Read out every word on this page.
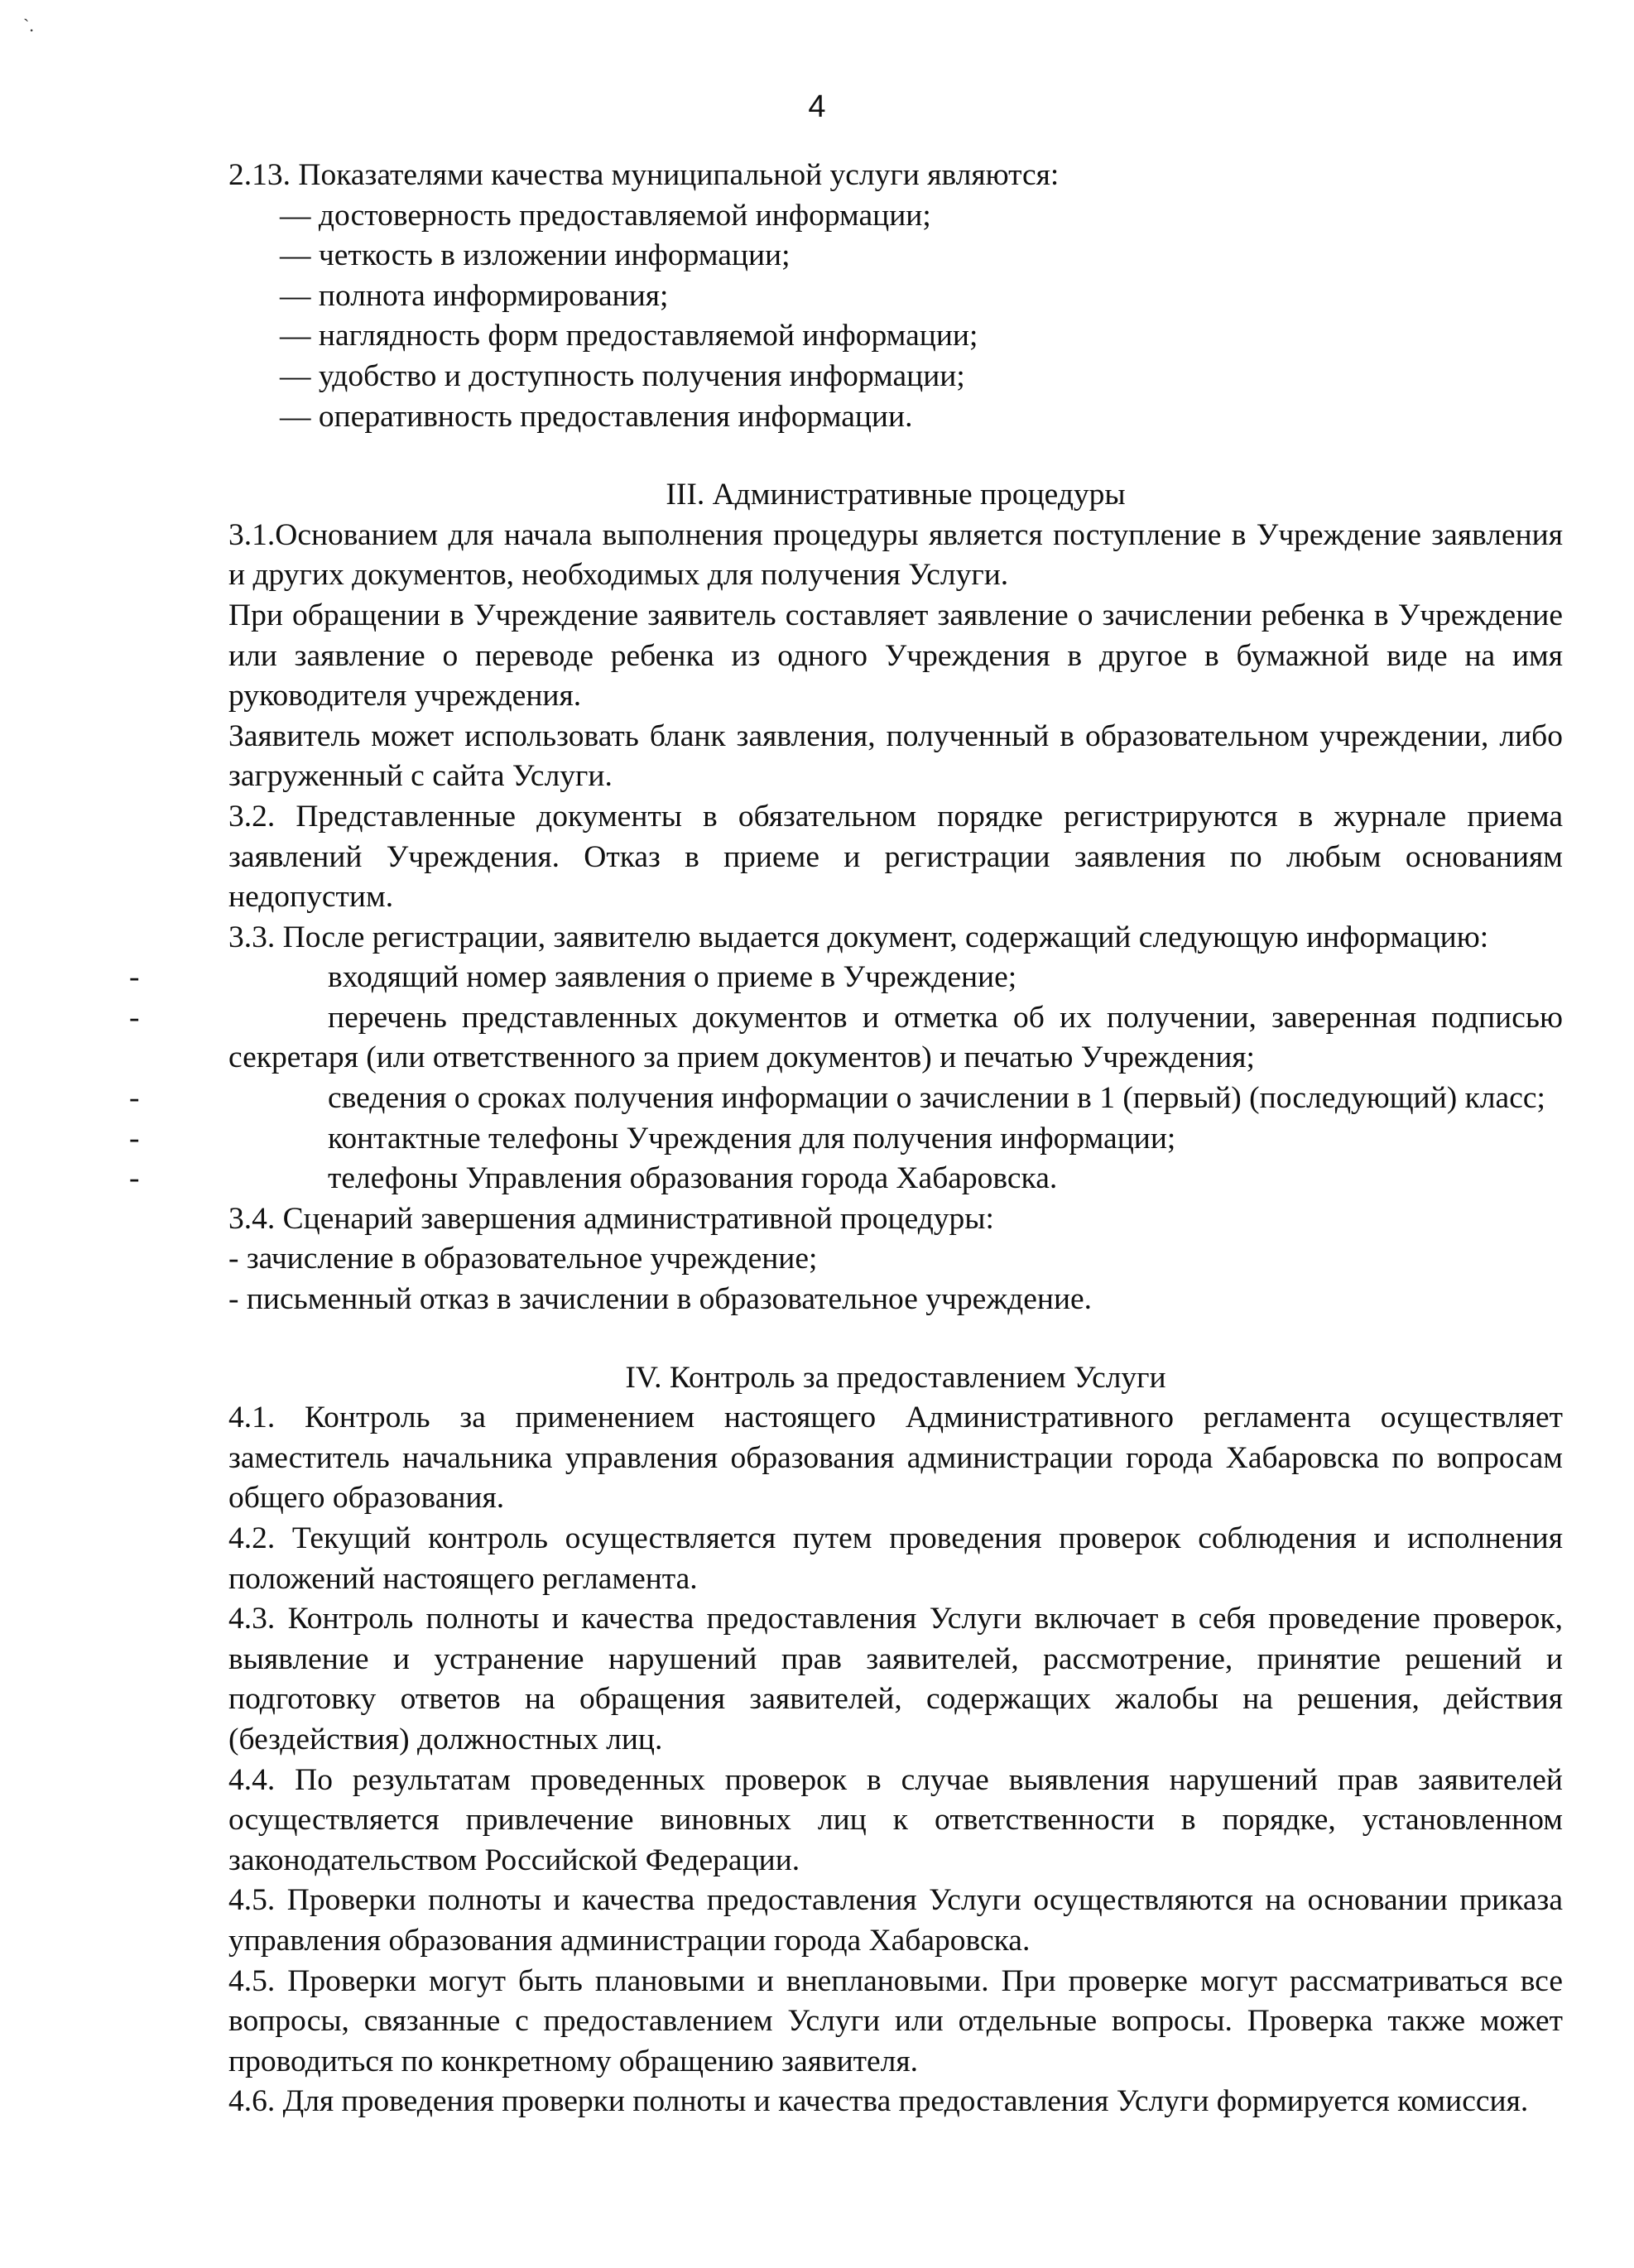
`.
4

2.13. Показателями качества муниципальной услуги являются:

— достоверность предоставляемой информации;

— четкость в изложении информации;

— полнота информирования;

— наглядность форм предоставляемой информации;

— удобство и доступность получения информации;

— оперативность предоставления информации.

III. Административные процедуры

3.1.Основанием для начала выполнения процедуры является поступление в Учреждение заявления и других документов, необходимых для получения Услуги.

При обращении в Учреждение заявитель составляет заявление о зачислении ребенка в Учреждение или заявление о переводе ребенка из одного Учреждения в другое в бумажной виде на имя руководителя учреждения.

Заявитель может использовать бланк заявления, полученный в образовательном учреждении, либо загруженный с сайта Услуги.

3.2. Представленные документы в обязательном порядке регистрируются в журнале приема заявлений Учреждения. Отказ в приеме и регистрации заявления по любым основаниям недопустим.

3.3. После регистрации, заявителю выдается документ, содержащий следующую информацию:

-	входящий номер заявления о приеме в Учреждение;

-	перечень представленных документов и отметка об их получении, заверенная подписью секретаря (или ответственного за прием документов) и печатью Учреждения;

-	сведения о сроках получения информации о зачислении в 1 (первый) (последующий) класс;

-	контактные телефоны Учреждения для получения информации;

-	телефоны Управления образования города Хабаровска.

3.4. Сценарий завершения административной процедуры:

- зачисление в образовательное учреждение;

- письменный отказ в зачислении в образовательное учреждение.

IV. Контроль за предоставлением Услуги

4.1. Контроль за применением настоящего Административного регламента осуществляет заместитель начальника управления образования администрации города Хабаровска по вопросам общего образования.

4.2. Текущий контроль осуществляется путем проведения проверок соблюдения и исполнения положений настоящего регламента.

4.3. Контроль полноты и качества предоставления Услуги включает в себя проведение проверок, выявление и устранение нарушений прав заявителей, рассмотрение, принятие решений и подготовку ответов на обращения заявителей, содержащих жалобы на решения, действия (бездействия) должностных лиц.

4.4. По результатам проведенных проверок в случае выявления нарушений прав заявителей осуществляется привлечение виновных лиц к ответственности в порядке, установленном законодательством Российской Федерации.

4.5. Проверки полноты и качества предоставления Услуги осуществляются на основании приказа управления образования администрации города Хабаровска.

4.5. Проверки могут быть плановыми и внеплановыми. При проверке могут рассматриваться все вопросы, связанные с предоставлением Услуги или отдельные вопросы. Проверка также может проводиться по конкретному обращению заявителя.

4.6. Для проведения проверки полноты и качества предоставления Услуги формируется комиссия.
